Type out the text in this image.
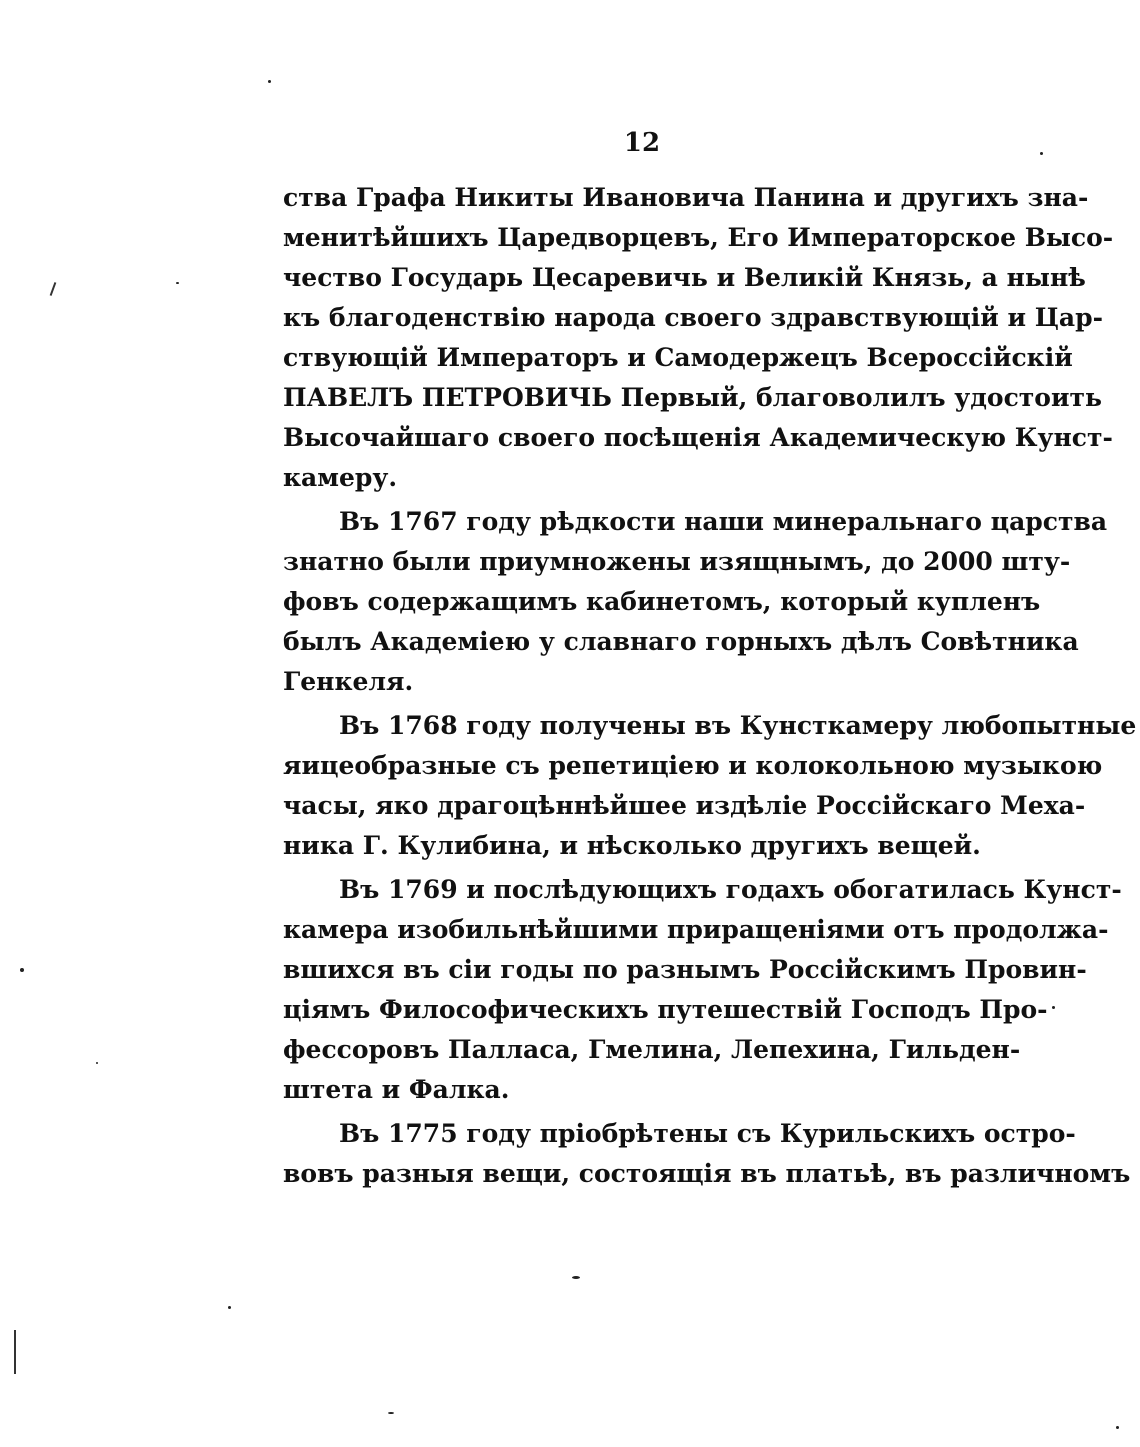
12
ства Графа Никиты Ивановича Панина и другихъ зна-
менитѣйшихъ Царедворцевъ, Его Императорское Высо-
чество Государь Цесаревичь и Великій Князь, а нынѣ
къ благоденствію народа своего здравствующій и Цар-
ствующій Императоръ и Самодержецъ Всероссійскій
ПАВЕЛЪ ПЕТРОВИЧЬ Первый, благоволилъ удостоить
Высочайшаго своего посѣщенія Академическую Кунст-
камеру.
Въ 1767 году рѣдкости наши минеральнаго царства
знатно были приумножены изящнымъ, до 2000 шту-
фовъ содержащимъ кабинетомъ, который купленъ
былъ Академіею у славнаго горныхъ дѣлъ Совѣтника
Генкеля.
Въ 1768 году получены въ Кунсткамеру любопытные
яицеобразные съ репетиціею и колокольною музыкою
часы, яко драгоцѣннѣйшее издѣліе Россійскаго Меха-
ника Г. Кулибина, и нѣсколько другихъ вещей.
Въ 1769 и послѣдующихъ годахъ обогатилась Кунст-
камера изобильнѣйшими приращеніями отъ продолжа-
вшихся въ сіи годы по разнымъ Россійскимъ Провин-
ціямъ Философическихъ путешествій Господъ Про-
фессоровъ Палласа, Гмелина, Лепехина, Гильден-
штета и Фалка.
Въ 1775 году пріобрѣтены съ Курильскихъ остро-
вовъ разныя вещи, состоящія въ платьѣ, въ различномъ
